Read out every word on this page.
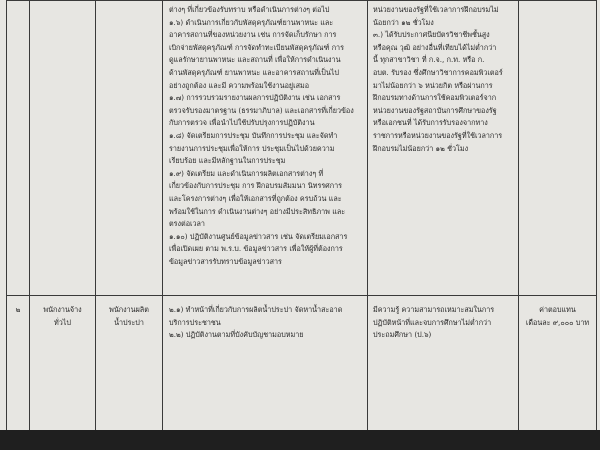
ต่างๆ ที่เกี่ยวข้องรับทราบ หรือดำเนินการต่างๆ ต่อไป

๑.๖) ดำเนินการเกี่ยวกับพัสดุครุภัณฑ์ยานพาหนะ และ

อาคารสถานที่ของหน่วยงาน เช่น การจัดเก็บรักษา การ

เบิกจ่ายพัสดุครุภัณฑ์ การจัดทำทะเบียนพัสดุครุภัณฑ์ การ

ดูแลรักษายานพาหนะ และสถานที่ เพื่อให้การดำเนินงาน

ด้านพัสดุครุภัณฑ์ ยานพาหนะ และอาคารสถานที่เป็นไป

อย่างถูกต้อง และมี ความพร้อมใช้งานอยู่เสมอ

๑.๗) การรวบรวมรายงานผลการปฏิบัติงาน เช่น เอกสาร

ตรวจรับรองมาตรฐาน (ธรรมาภิบาล) และเอกสารที่เกี่ยวข้อง

กับการตรวจ เพื่อนำไปใช้ปรับปรุงการปฏิบัติงาน

๑.๘) จัดเตรียมการประชุม บันทึกการประชุม และจัดทำ

รายงานการประชุมเพื่อให้การ ประชุมเป็นไปด้วยความ

เรียบร้อย และมีหลักฐานในการประชุม

๑.๙) จัดเตรียม และดำเนินการผลิตเอกสารต่างๆ ที่

เกี่ยวข้องกับการประชุม การ ฝึกอบรมสัมมนา นิทรรศการ

และโครงการต่างๆ เพื่อให้เอกสารที่ถูกต้อง ครบถ้วน และ

พร้อมใช้ในการ ดำเนินงานต่างๆ อย่างมีประสิทธิภาพ และ

ตรงต่อเวลา

๑.๑๐) ปฏิบัติงานศูนย์ข้อมูลข่าวสาร เช่น จัดเตรียมเอกสาร

เพื่อเปิดเผย ตาม พ.ร.บ. ข้อมูลข่าวสาร เพื่อให้ผู้ที่ต้องการ

ข้อมูลข่าวสารรับทราบข้อมูลข่าวสาร

หน่วยงานของรัฐที่ใช้เวลาการฝึกอบรมไม่

น้อยกว่า ๑๒ ชั่วโมง

๓.) ได้รับประกาศนียบัตรวิชาชีพชั้นสูง

หรือคุณ วุฒิ อย่างอื่นที่เทียบได้ไม่ต่ำกว่า

นี้ ทุกสาขาวิชา ที่ ก.จ., ก.ท. หรือ ก.

อบต. รับรอง ซึ่งศึกษาวิชาการคอมพิวเตอร์

มาไม่น้อยกว่า ๖ หน่วยกิต หรือผ่านการ

ฝึกอบรมทางด้านการใช้คอมพิวเตอร์จาก

หน่วยงานของรัฐสถาบันการศึกษาของรัฐ

หรือเอกชนที่ ได้รับการรับรองจากทาง

ราชการหรือหน่วยงานของรัฐที่ใช้เวลาการ

ฝึกอบรมไม่น้อยกว่า ๑๒ ชั่วโมง

๒	พนักงานจ้าง

ทั่วไป

พนักงานผลิต

น้ำประปา

๒.๑) ทำหน้าที่เกี่ยวกับการผลิตน้ำประปา จัดหาน้ำสะอาด

บริการประชาชน

๒.๒) ปฏิบัติงานตามที่บังคับบัญชามอบหมาย

มีความรู้ ความสามารถเหมาะสมในการ

ปฏิบัติหน้าที่และจบการศึกษาไม่ต่ำกว่า

ประถมศึกษา (ป.๖)

ค่าตอบแทน

เดือนละ ๙,๐๐๐ บาท
